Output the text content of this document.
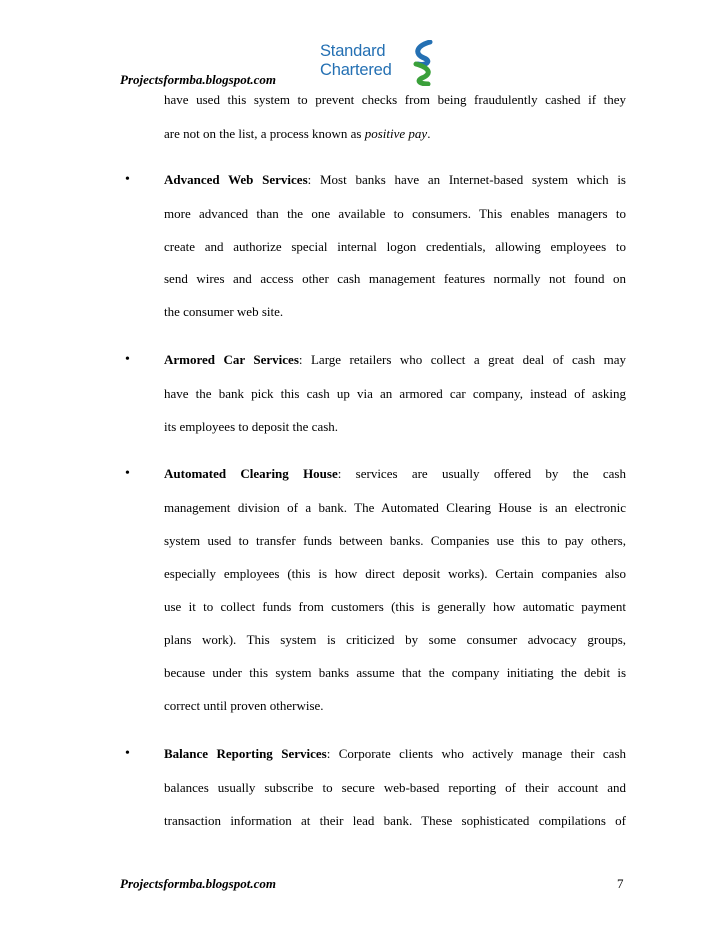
Projectsformba.blogspot.com
Standard
Chartered
have used this system to prevent checks from being fraudulently cashed if they
are not on the list, a process known as positive pay.
•	Advanced Web Services: Most banks have an Internet-based system which is
more advanced than the one available to consumers. This enables managers to
create and authorize special internal logon credentials, allowing employees to
send wires and access other cash management features normally not found on
the consumer web site.
•	Armored Car Services: Large retailers who collect a great deal of cash may
have the bank pick this cash up via an armored car company, instead of asking
its employees to deposit the cash.
•	Automated Clearing House: services are usually offered by the cash
management division of a bank. The Automated Clearing House is an electronic
system used to transfer funds between banks. Companies use this to pay others,
especially employees (this is how direct deposit works). Certain companies also
use it to collect funds from customers (this is generally how automatic payment
plans work). This system is criticized by some consumer advocacy groups,
because under this system banks assume that the company initiating the debit is
correct until proven otherwise.
•	Balance Reporting Services: Corporate clients who actively manage their cash
balances usually subscribe to secure web-based reporting of their account and
transaction information at their lead bank. These sophisticated compilations of
Projectsformba.blogspot.com	7
